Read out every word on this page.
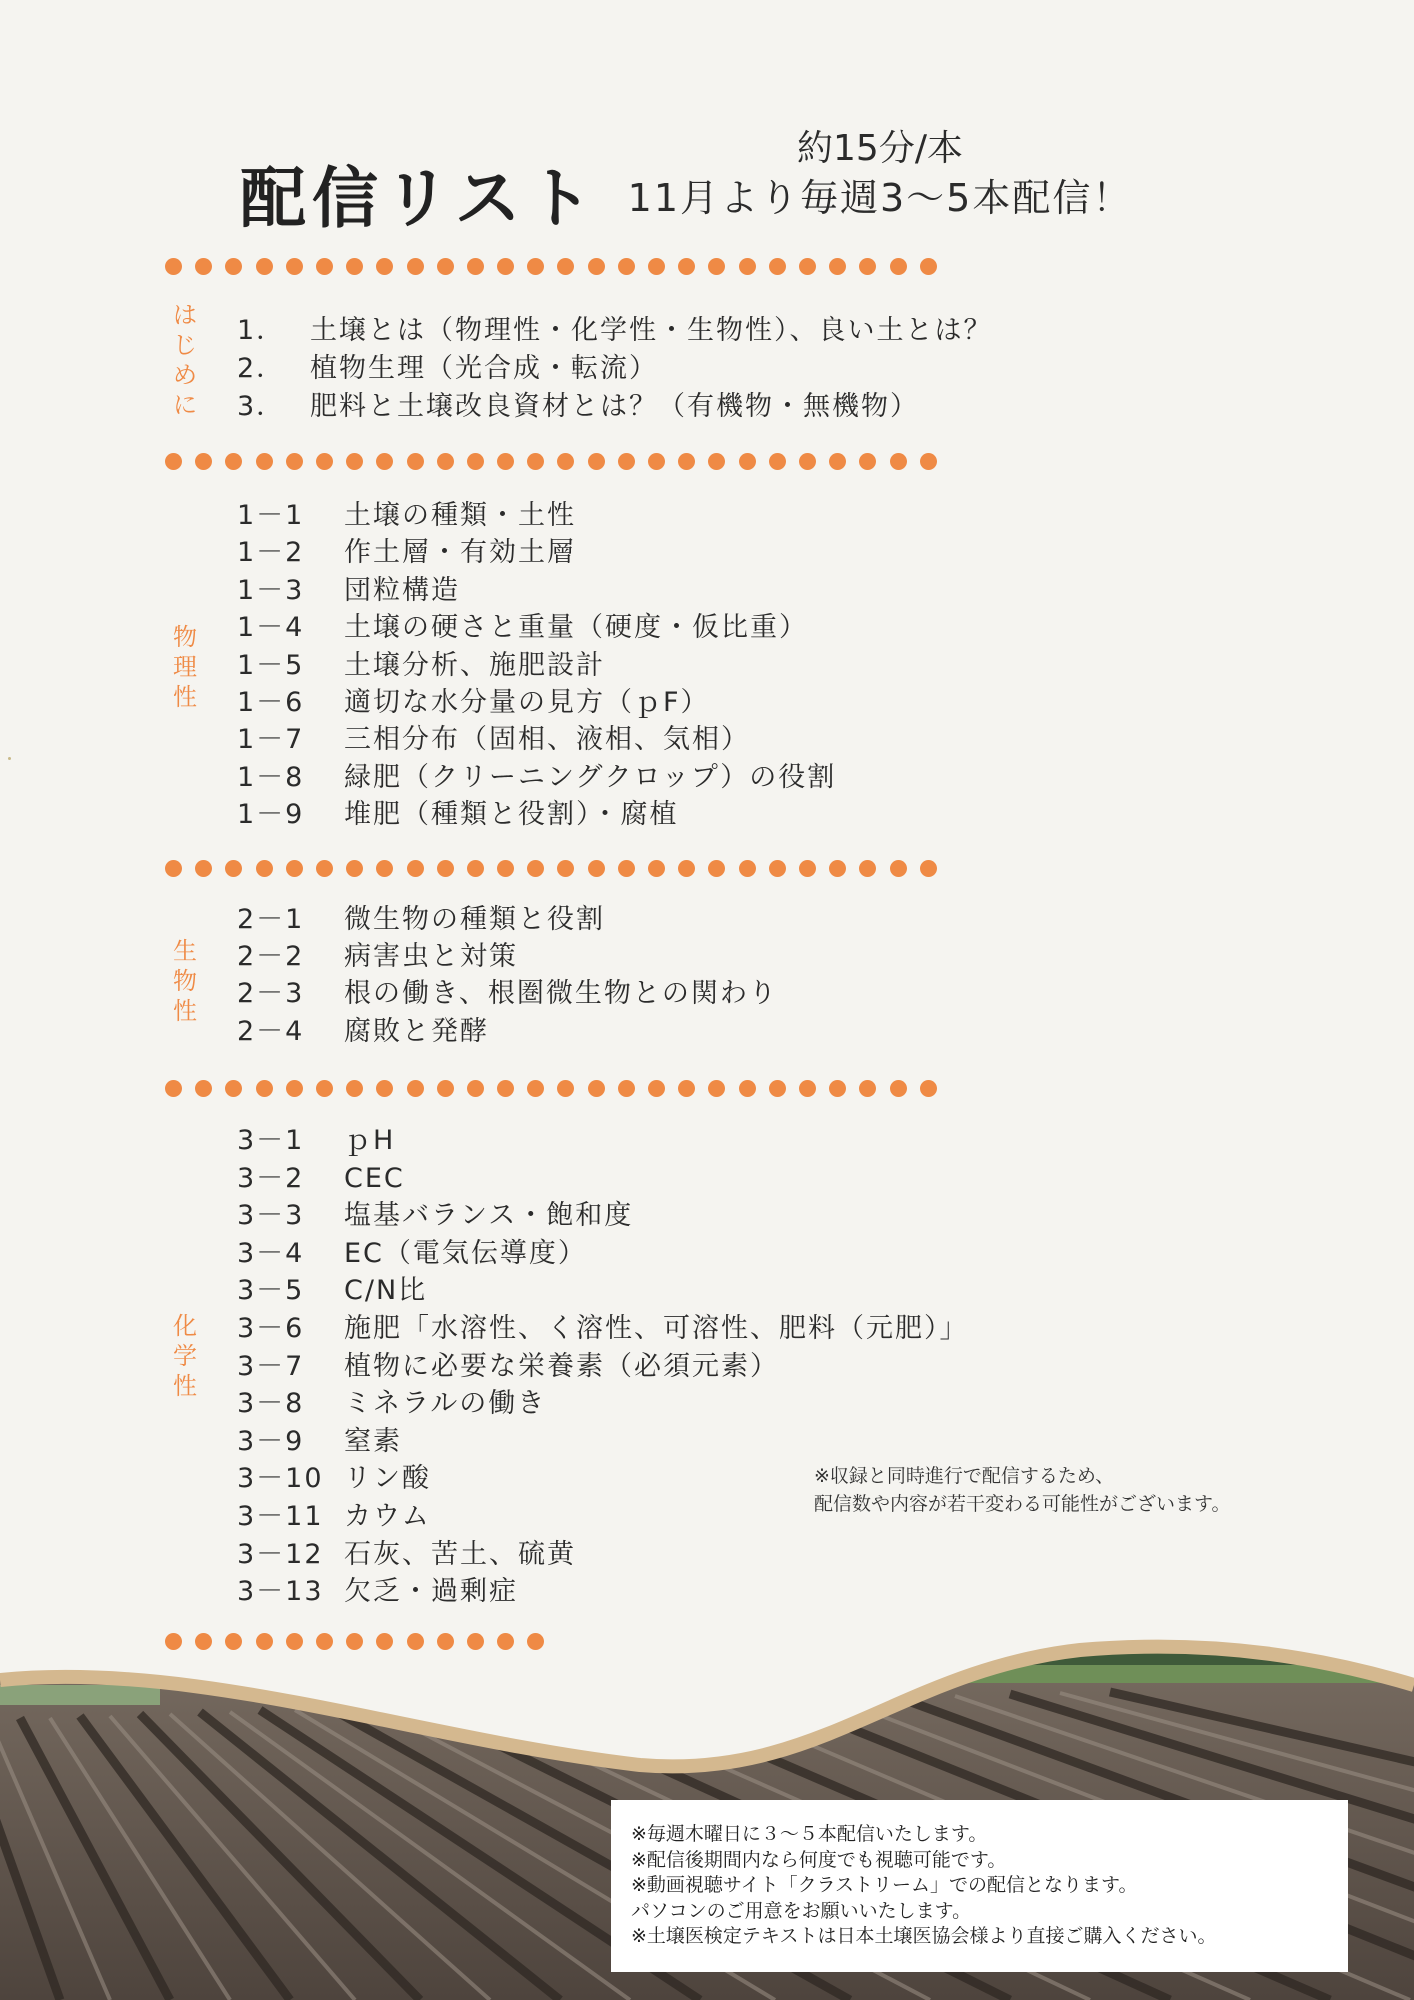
配信リスト
約15分/本
11月より毎週3～5本配信！
は
じ
め
に
1． 土壌とは（物理性・化学性・生物性）、良い土とは？
2． 植物生理（光合成・転流）
3． 肥料と土壌改良資材とは？（有機物・無機物）
物
理
性
1－1	土壌の種類・土性
1－2	作土層・有効土層
1－3	団粒構造
1－4	土壌の硬さと重量（硬度・仮比重）
1－5	土壌分析、施肥設計
1－6	適切な水分量の見方（ｐF）
1－7	三相分布（固相、液相、気相）
1－8	緑肥（クリーニングクロップ）の役割
1－9	堆肥（種類と役割）・腐植
生
物
性
2－1	微生物の種類と役割
2－2	病害虫と対策
2－3	根の働き、根圏微生物との関わり
2－4	腐敗と発酵
化
学
性
3－1	ｐH
3－2	CEC
3－3	塩基バランス・飽和度
3－4	EC（電気伝導度）
3－5	C/N比
3－6	施肥「水溶性、く溶性、可溶性、肥料（元肥）」
3－7	植物に必要な栄養素（必須元素）
3－8	ミネラルの働き
3－9	窒素
3－10 リン酸
3－11 カウム
3－12 石灰、苦土、硫黄
3－13 欠乏・過剰症
※収録と同時進行で配信するため、
配信数や内容が若干変わる可能性がございます。
※毎週木曜日に３～５本配信いたします。
※配信後期間内なら何度でも視聴可能です。
※動画視聴サイト「クラストリーム」での配信となります。
パソコンのご用意をお願いいたします。
※土壌医検定テキストは日本土壌医協会様より直接ご購入ください。
